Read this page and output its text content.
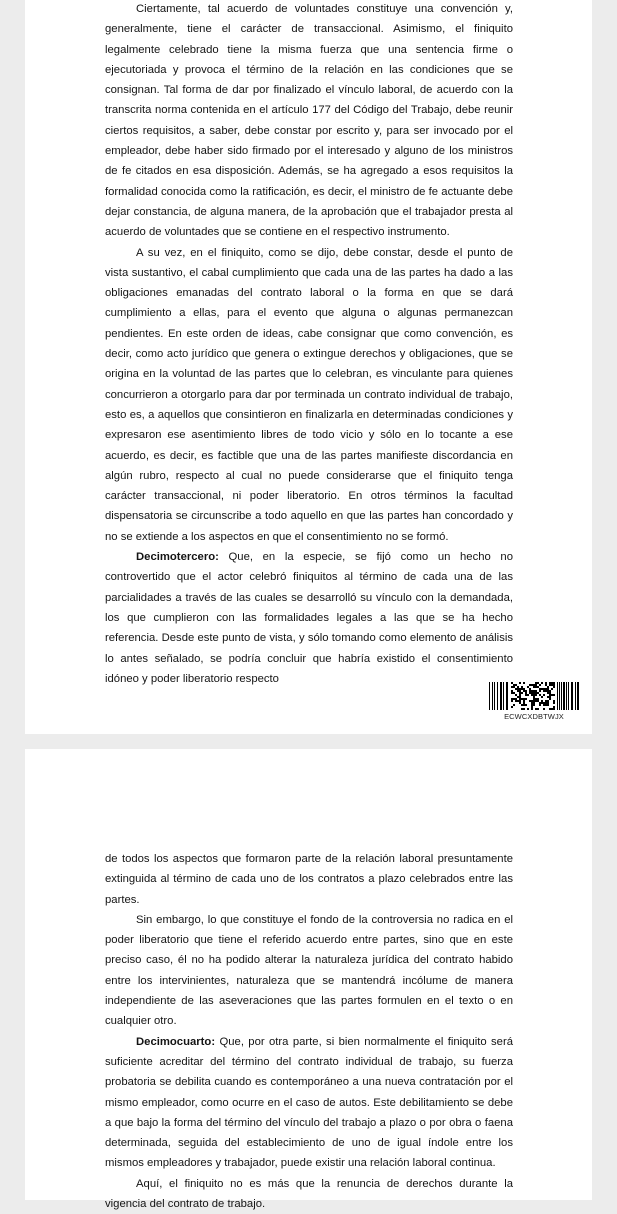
Ciertamente, tal acuerdo de voluntades constituye una convención y, generalmente, tiene el carácter de transaccional. Asimismo, el finiquito legalmente celebrado tiene la misma fuerza que una sentencia firme o ejecutoriada y provoca el término de la relación en las condiciones que se consignan. Tal forma de dar por finalizado el vínculo laboral, de acuerdo con la transcrita norma contenida en el artículo 177 del Código del Trabajo, debe reunir ciertos requisitos, a saber, debe constar por escrito y, para ser invocado por el empleador, debe haber sido firmado por el interesado y alguno de los ministros de fe citados en esa disposición. Además, se ha agregado a esos requisitos la formalidad conocida como la ratificación, es decir, el ministro de fe actuante debe dejar constancia, de alguna manera, de la aprobación que el trabajador presta al acuerdo de voluntades que se contiene en el respectivo instrumento.

A su vez, en el finiquito, como se dijo, debe constar, desde el punto de vista sustantivo, el cabal cumplimiento que cada una de las partes ha dado a las obligaciones emanadas del contrato laboral o la forma en que se dará cumplimiento a ellas, para el evento que alguna o algunas permanezcan pendientes. En este orden de ideas, cabe consignar que como convención, es decir, como acto jurídico que genera o extingue derechos y obligaciones, que se origina en la voluntad de las partes que lo celebran, es vinculante para quienes concurrieron a otorgarlo para dar por terminada un contrato individual de trabajo, esto es, a aquellos que consintieron en finalizarla en determinadas condiciones y expresaron ese asentimiento libres de todo vicio y sólo en lo tocante a ese acuerdo, es decir, es factible que una de las partes manifieste discordancia en algún rubro, respecto al cual no puede considerarse que el finiquito tenga carácter transaccional, ni poder liberatorio. En otros términos la facultad dispensatoria se circunscribe a todo aquello en que las partes han concordado y no se extiende a los aspectos en que el consentimiento no se formó.

Decimotercero: Que, en la especie, se fijó como un hecho no controvertido que el actor celebró finiquitos al término de cada una de las parcialidades a través de las cuales se desarrolló su vínculo con la demandada, los que cumplieron con las formalidades legales a las que se ha hecho referencia. Desde este punto de vista, y sólo tomando como elemento de análisis lo antes señalado, se podría concluir que habría existido el consentimiento idóneo y poder liberatorio respecto

ECWCXDBTWJX

de todos los aspectos que formaron parte de la relación laboral presuntamente extinguida al término de cada uno de los contratos a plazo celebrados entre las partes.

Sin embargo, lo que constituye el fondo de la controversia no radica en el poder liberatorio que tiene el referido acuerdo entre partes, sino que en este preciso caso, él no ha podido alterar la naturaleza jurídica del contrato habido entre los intervinientes, naturaleza que se mantendrá incólume de manera independiente de las aseveraciones que las partes formulen en el texto o en cualquier otro.

Decimocuarto: Que, por otra parte, si bien normalmente el finiquito será suficiente acreditar del término del contrato individual de trabajo, su fuerza probatoria se debilita cuando es contemporáneo a una nueva contratación por el mismo empleador, como ocurre en el caso de autos. Este debilitamiento se debe a que bajo la forma del término del vínculo del trabajo a plazo o por obra o faena determinada, seguida del establecimiento de uno de igual índole entre los mismos empleadores y trabajador, puede existir una relación laboral continua.

Aquí, el finiquito no es más que la renuncia de derechos durante la vigencia del contrato de trabajo.
